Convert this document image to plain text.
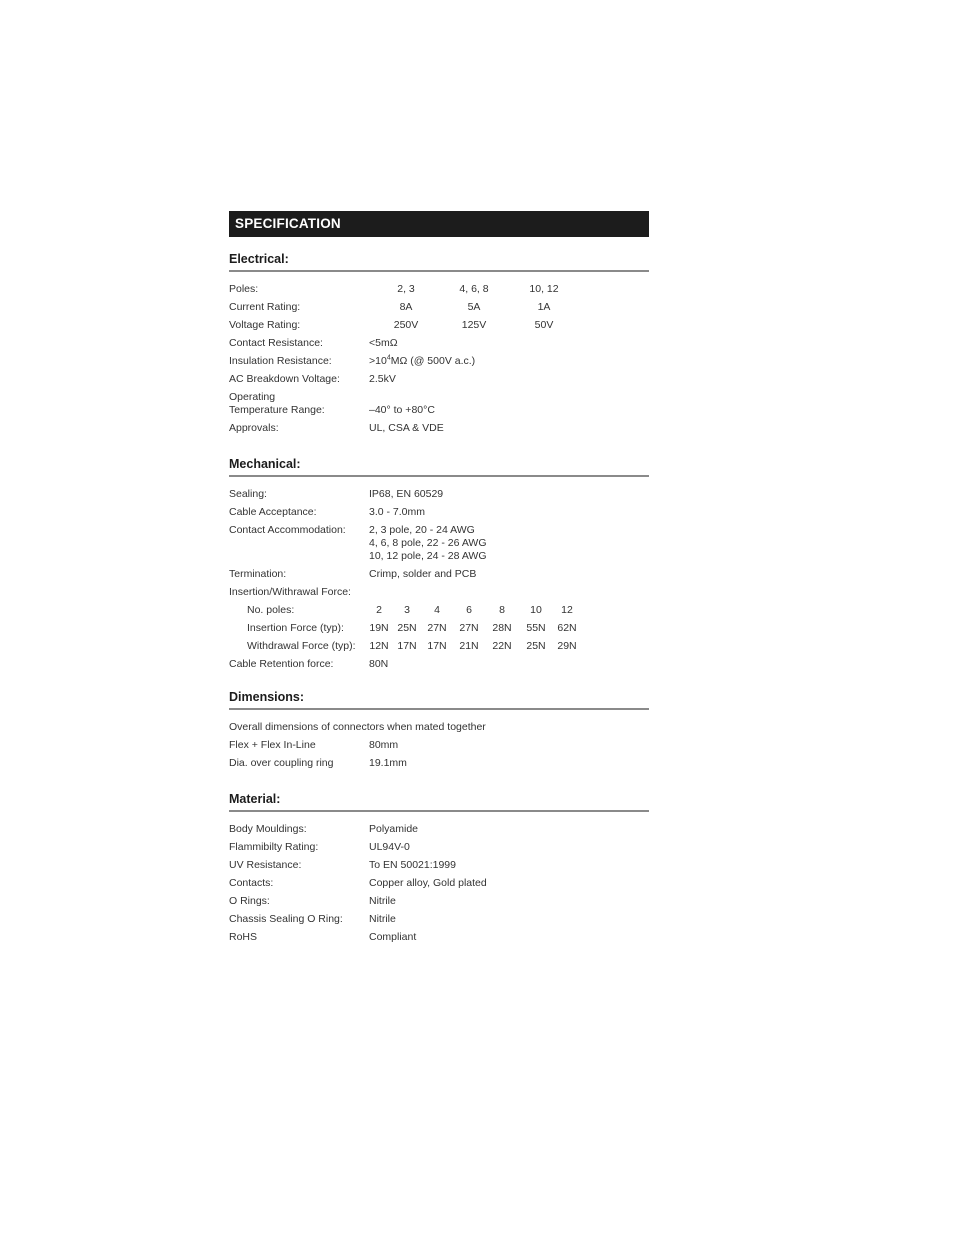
SPECIFICATION
Electrical:
Poles:	2, 3	4, 6, 8	10, 12
Current Rating:	8A	5A	1A
Voltage Rating:	250V	125V	50V
Contact Resistance:	<5mΩ
Insulation Resistance:	$>10^4M\Omega$ (@ 500V a.c.)
AC Breakdown Voltage:	2.5kV
Operating
Temperature Range:	–40° to +80°C
Approvals:	UL, CSA & VDE
Mechanical:
Sealing:	IP68, EN 60529
Cable Acceptance:	3.0 - 7.0mm
Contact Accommodation: 2, 3 pole, 20 - 24 AWG
4, 6, 8 pole, 22 - 26 AWG
10, 12 pole, 24 - 28 AWG
Termination:	Crimp, solder and PCB
Insertion/Withrawal Force:
No. poles:	2	3	4	6	8	10	12
Insertion Force (typ):	19N 25N	27N	27N	28N	55N	62N
Withdrawal Force (typ):	12N 17N	17N	21N	22N	25N	29N
Cable Retention force:	80N
Dimensions:
Overall dimensions of connectors when mated together
Flex + Flex In-Line	80mm
Dia. over coupling ring	19.1mm
Material:
Body Mouldings:	Polyamide
Flammibilty Rating:	UL94V-0
UV Resistance:	To EN 50021:1999
Contacts:	Copper alloy, Gold plated
O Rings:	Nitrile
Chassis Sealing O Ring: Nitrile
RoHS	Compliant
